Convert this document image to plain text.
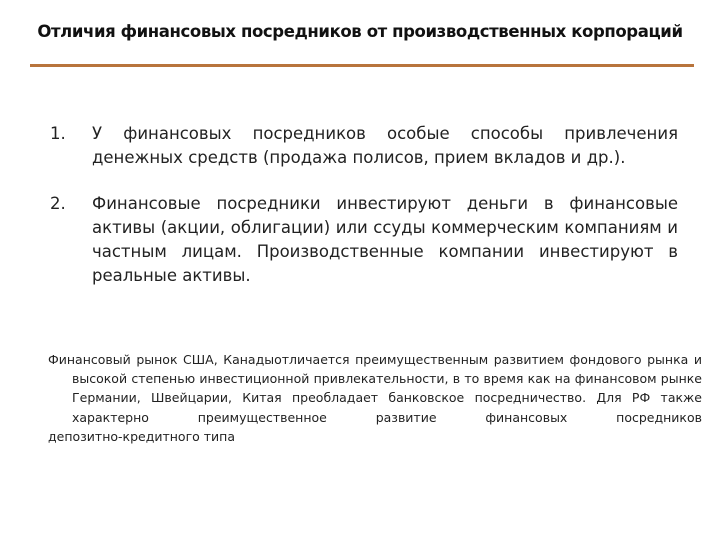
Отличия финансовых посредников от производственных корпораций
1. У финансовых посредников особые способы привлечения денежных средств (продажа полисов, прием вкладов и др.).
2. Финансовые посредники инвестируют деньги в финансовые активы (акции, облигации) или ссуды коммерческим компаниям и частным лицам. Производственные компании инвестируют в реальные активы.

Финансовый рынок США, Канадыотличается преимущественным развитием фондового рынка и высокой степенью инвестиционной привлекательности, в то время как на финансовом рынке Германии, Швейцарии, Китая преобладает банковское посредничество. Для РФ также характерно преимущественное развитие финансовых посредников
депозитно-кредитного типа
